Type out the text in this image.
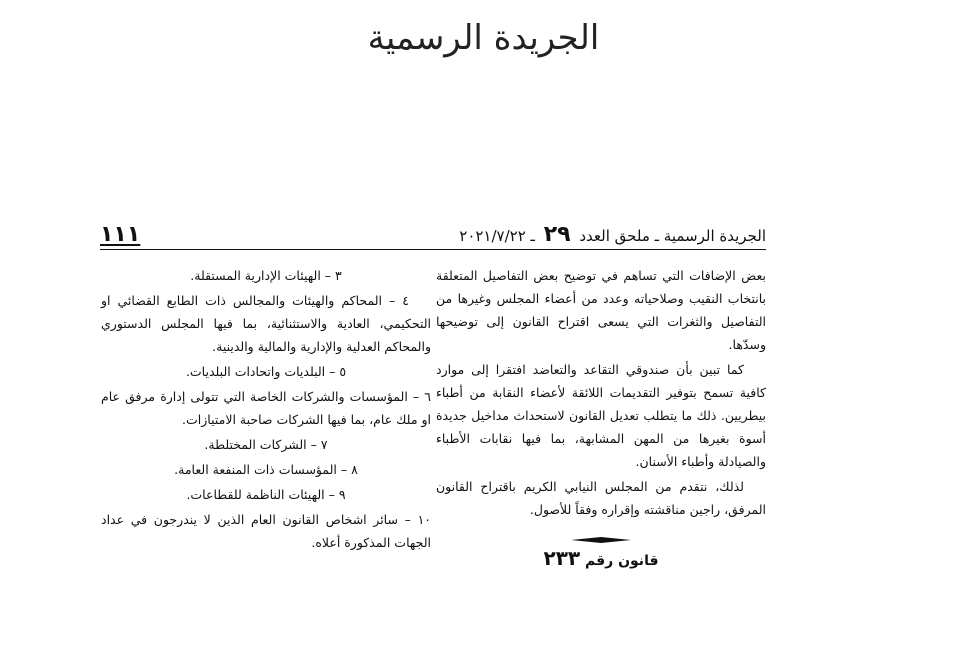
الجريدة الرسمية
الجريدة الرسمية ـ ملحق العدد ٢٩ ـ ٢٠٢١/٧/٢٢
١١١

بعض الإضافات التي تساهم في توضيح بعض التفاصيل المتعلقة بانتخاب النقيب وصلاحياته وعدد من أعضاء المجلس وغيرها من التفاصيل والثغرات التي يسعى اقتراح القانون إلى توضيحها وسدّها.

كما تبين بأن صندوقي التقاعد والتعاضد افتقرا إلى موارد كافية تسمح بتوفير التقديمات اللائقة لأعضاء النقابة من أطباء بيطريين. ذلك ما يتطلب تعديل القانون لاستحداث مداخيل جديدة أسوة بغيرها من المهن المشابهة، بما فيها نقابات الأطباء والصيادلة وأطباء الأسنان.

لذلك، نتقدم من المجلس النيابي الكريم باقتراح القانون المرفق، راجين مناقشته وإقراره وفقاً للأصول.

قانون رقم ٢٣٣

٣ – الهيئات الإدارية المستقلة.

٤ – المحاكم والهيئات والمجالس ذات الطابع القضائي او التحكيمي، العادية والاستثنائية، بما فيها المجلس الدستوري والمحاكم العدلية والإدارية والمالية والدينية.

٥ – البلديات واتحادات البلديات.

٦ – المؤسسات والشركات الخاصة التي تتولى إدارة مرفق عام او ملك عام، بما فيها الشركات صاحبة الامتيازات.

٧ – الشركات المختلطة.

٨ – المؤسسات ذات المنفعة العامة.

٩ – الهيئات الناظمة للقطاعات.

١٠ – سائر اشخاص القانون العام الذين لا يندرجون في عداد الجهات المذكورة أعلاه.
